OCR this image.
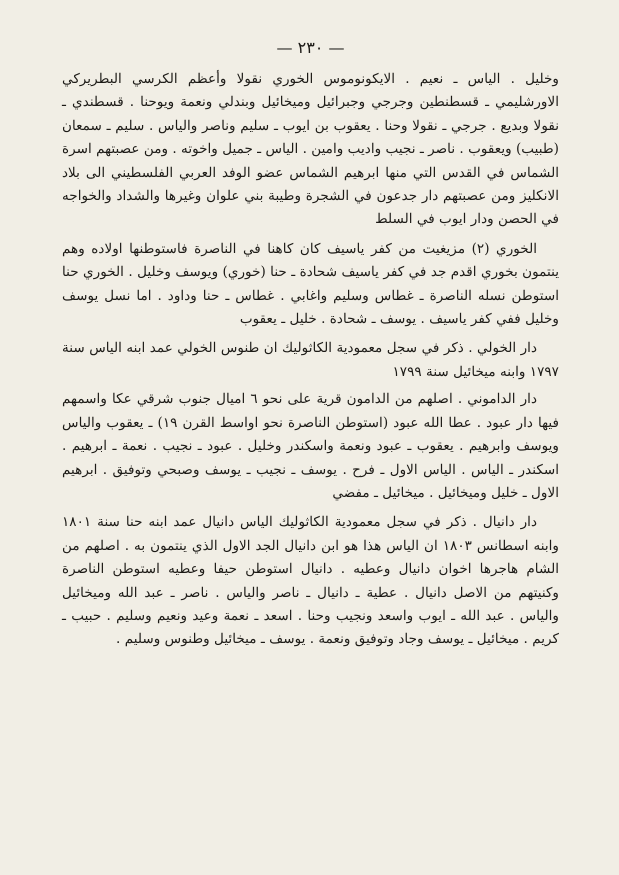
— ٢٣٠ —

وخليل . الياس ـ نعيم . الايكونوموس الخوري نقولا وأعظم الكرسي البطريركي الاورشليمي ـ قسطنطين وجرجي وجبرائيل وميخائيل وبندلي ونعمة ويوحنا . قسطندي ـ نقولا وبديع . جرجي ـ نقولا وحنا . يعقوب بن ايوب ـ سليم وناصر والياس . سليم ـ سمعان (طبيب) ويعقوب . ناصر ـ نجيب واديب وامين . الياس ـ جميل واخوته . ومن عصبتهم اسرة الشماس في القدس التي منها ابرهيم الشماس عضو الوفد العربي الفلسطيني الى بلاد الانكليز ومن عصبتهم دار جدعون في الشجرة وطيبة بني علوان وغيرها والشداد والخواجه في الحصن ودار ايوب في السلط

الخوري (٢) مزيغيت من كفر ياسيف كان كاهنا في الناصرة فاستوطنها اولاده وهم ينتمون بخوري اقدم جد في كفر ياسيف شحادة ـ حنا (خوري) ويوسف وخليل . الخوري حنا استوطن نسله الناصرة ـ غطاس وسليم واغابي . غطاس ـ حنا وداود . اما نسل يوسف وخليل ففي كفر ياسيف . يوسف ـ شحادة . خليل ـ يعقوب

دار الخولي . ذكر في سجل معمودية الكاثوليك ان طنوس الخولي عمد ابنه الياس سنة ١٧٩٧ وابنه ميخائيل سنة ١٧٩٩

دار الداموني . اصلهم من الدامون قرية على نحو ٦ اميال جنوب شرقي عكا واسمهم فيها دار عبود . عطا الله عبود (استوطن الناصرة نحو اواسط القرن ١٩) ـ يعقوب والياس ويوسف وابرهيم . يعقوب ـ عبود ونعمة واسكندر وخليل . عبود ـ نجيب . نعمة ـ ابرهيم . اسكندر ـ الياس . الياس الاول ـ فرح . يوسف ـ نجيب ـ يوسف وصبحي وتوفيق . ابرهيم الاول ـ خليل وميخائيل . ميخائيل ـ مفضي

دار دانيال . ذكر في سجل معمودية الكاثوليك الياس دانيال عمد ابنه حنا سنة ١٨٠١ وابنه اسطانس ١٨٠٣ ان الياس هذا هو ابن دانيال الجد الاول الذي ينتمون به . اصلهم من الشام هاجرها اخوان دانيال وعطيه . دانيال استوطن حيفا وعطيه استوطن الناصرة وكنيتهم من الاصل دانيال . عطية ـ دانيال ـ ناصر والياس . ناصر ـ عبد الله وميخائيل والياس . عبد الله ـ ايوب واسعد ونجيب وحنا . اسعد ـ نعمة وعيد ونعيم وسليم . حبيب ـ كريم . ميخائيل ـ يوسف وجاد وتوفيق ونعمة . يوسف ـ ميخائيل وطنوس وسليم .
